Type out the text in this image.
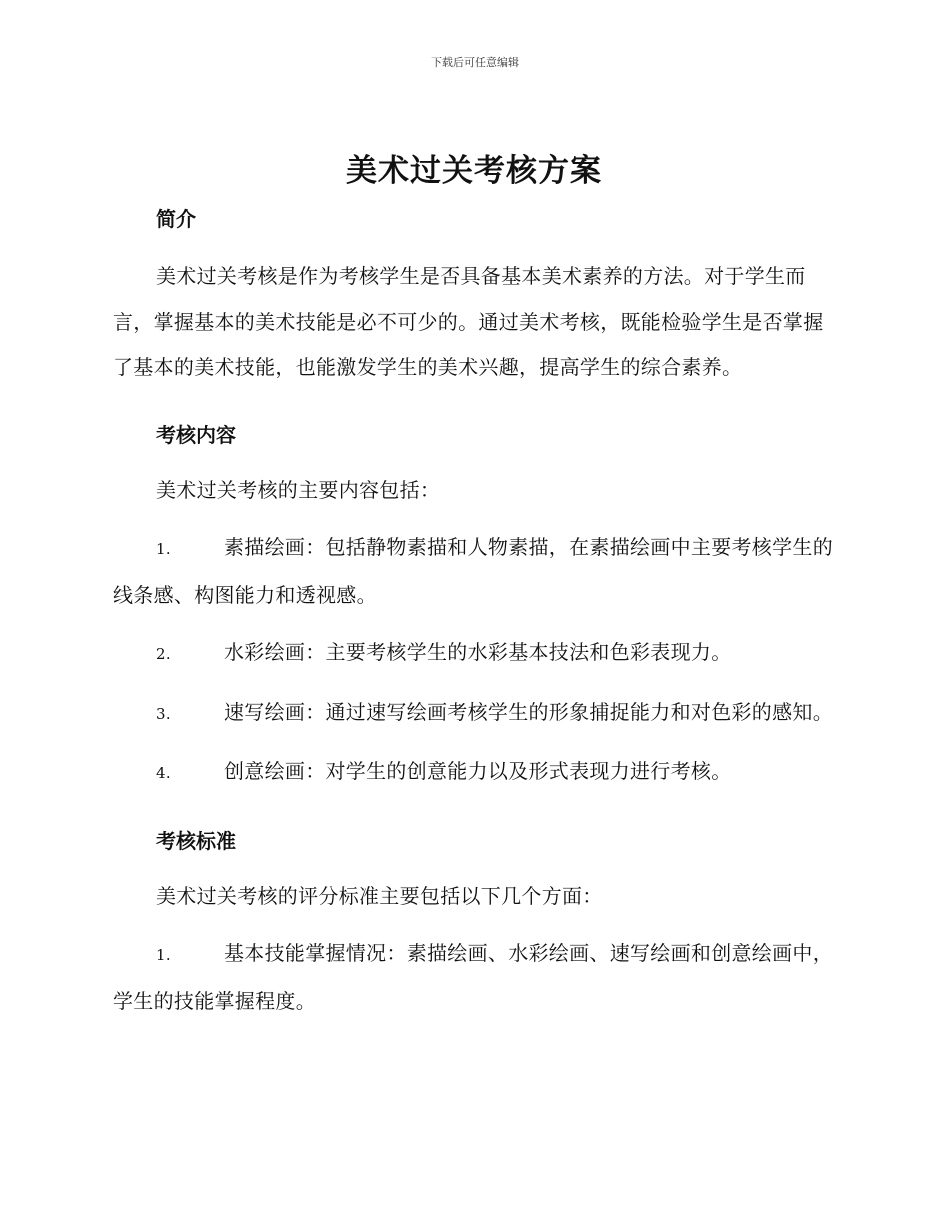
下载后可任意编辑
美术过关考核方案
简介

美术过关考核是作为考核学生是否具备基本美术素养的方法。对于学生而言，掌握基本的美术技能是必不可少的。通过美术考核，既能检验学生是否掌握了基本的美术技能，也能激发学生的美术兴趣，提高学生的综合素养。

考核内容

美术过关考核的主要内容包括：

1.	素描绘画：包括静物素描和人物素描，在素描绘画中主要考核学生的线条感、构图能力和透视感。

2.	水彩绘画：主要考核学生的水彩基本技法和色彩表现力。

3.	速写绘画：通过速写绘画考核学生的形象捕捉能力和对色彩的感知。

4.	创意绘画：对学生的创意能力以及形式表现力进行考核。

考核标准

美术过关考核的评分标准主要包括以下几个方面：

1.	基本技能掌握情况：素描绘画、水彩绘画、速写绘画和创意绘画中，学生的技能掌握程度。
